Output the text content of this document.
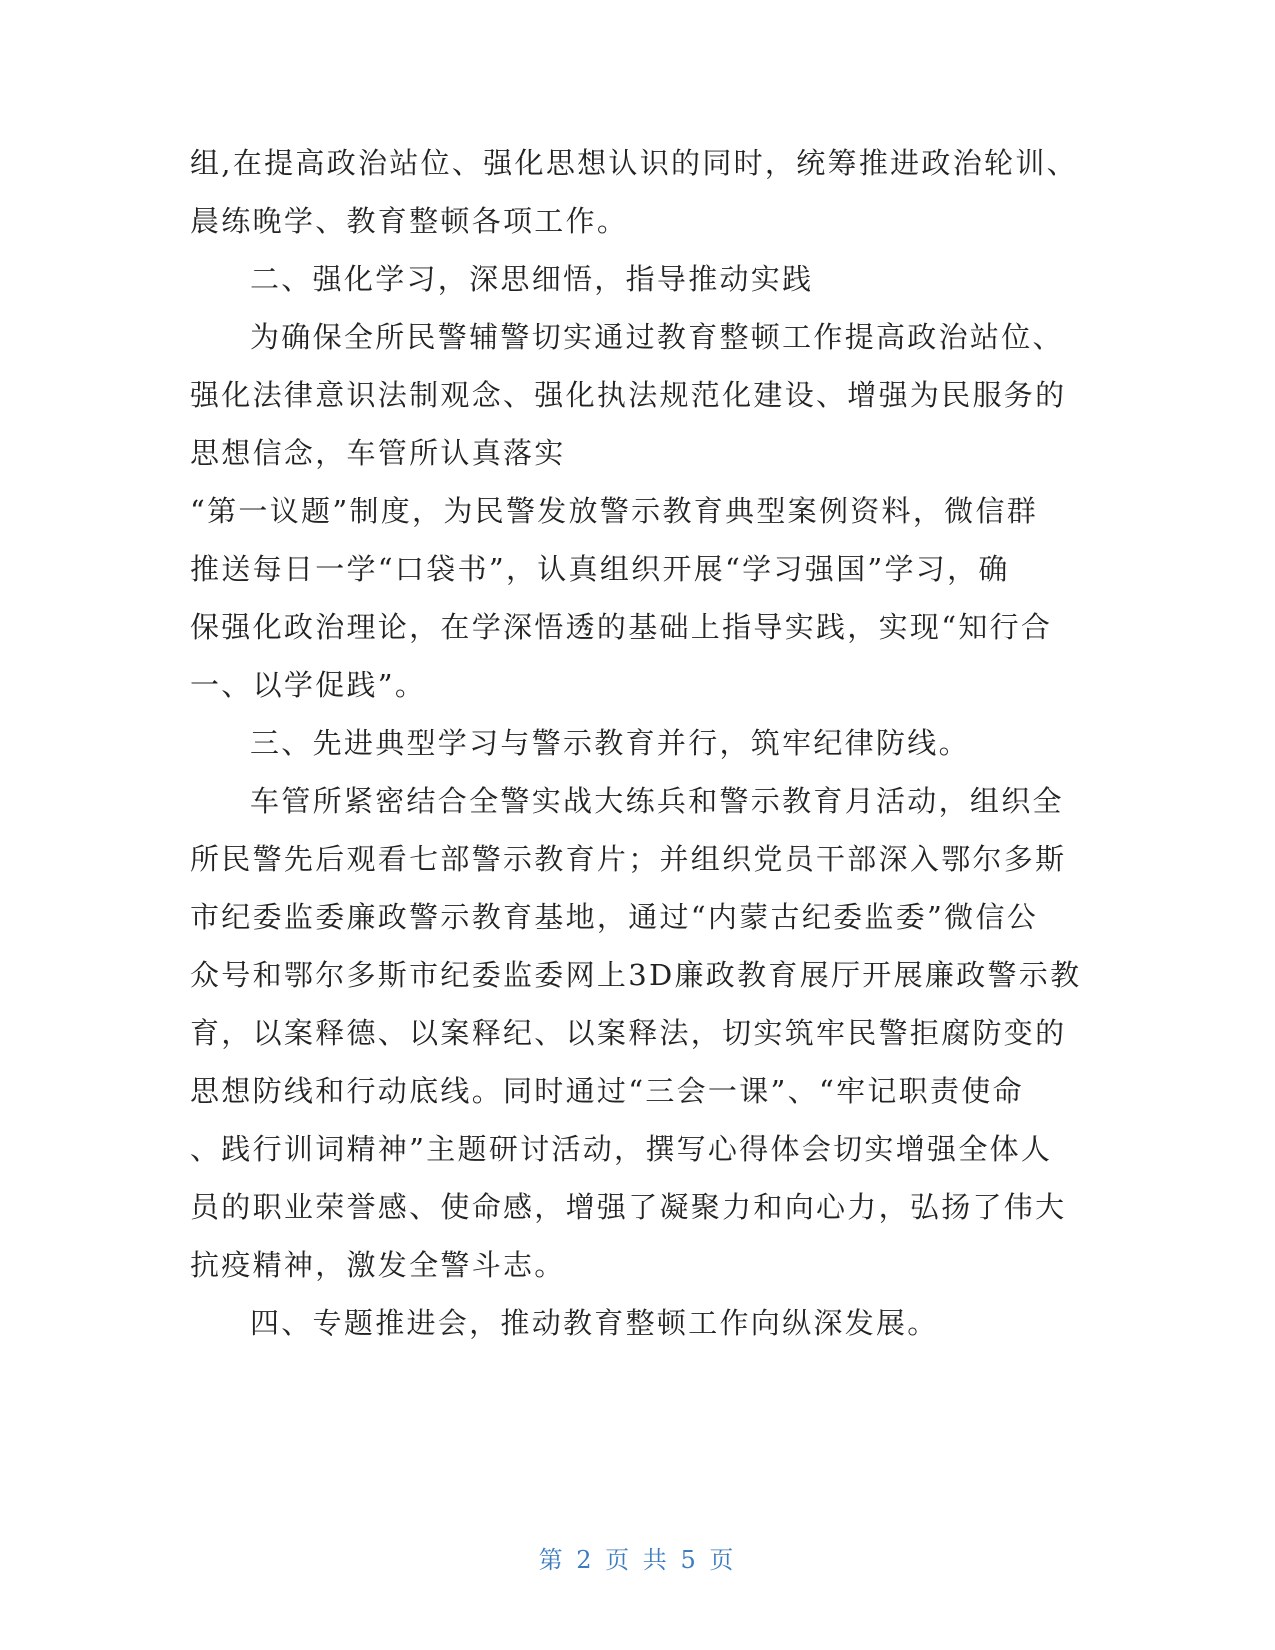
组,在提高政治站位、强化思想认识的同时，统筹推进政治轮训、
晨练晚学、教育整顿各项工作。
二、强化学习，深思细悟，指导推动实践
为确保全所民警辅警切实通过教育整顿工作提高政治站位、
强化法律意识法制观念、强化执法规范化建设、增强为民服务的
思想信念，车管所认真落实
“第一议题”制度，为民警发放警示教育典型案例资料，微信群
推送每日一学“口袋书”，认真组织开展“学习强国”学习，确
保强化政治理论，在学深悟透的基础上指导实践，实现“知行合
一、以学促践”。
三、先进典型学习与警示教育并行，筑牢纪律防线。
车管所紧密结合全警实战大练兵和警示教育月活动，组织全
所民警先后观看七部警示教育片；并组织党员干部深入鄂尔多斯
市纪委监委廉政警示教育基地，通过“内蒙古纪委监委”微信公
众号和鄂尔多斯市纪委监委网上3D廉政教育展厅开展廉政警示教
育，以案释德、以案释纪、以案释法，切实筑牢民警拒腐防变的
思想防线和行动底线。同时通过“三会一课”、“牢记职责使命
、践行训词精神”主题研讨活动，撰写心得体会切实增强全体人
员的职业荣誉感、使命感，增强了凝聚力和向心力，弘扬了伟大
抗疫精神，激发全警斗志。
四、专题推进会，推动教育整顿工作向纵深发展。
第 2 页 共 5 页
